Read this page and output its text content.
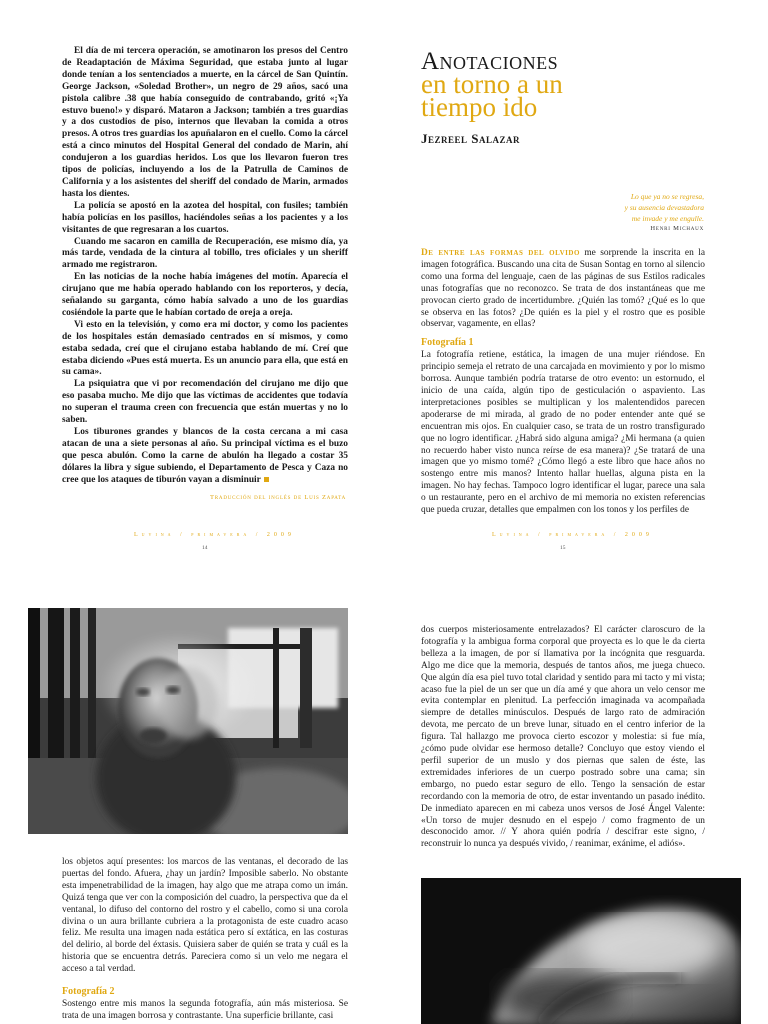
El día de mi tercera operación, se amotinaron los presos del Centro de Readaptación de Máxima Seguridad, que estaba junto al lugar donde tenían a los sentenciados a muerte, en la cárcel de San Quintín. George Jackson, «Soledad Brother», un negro de 29 años, sacó una pistola calibre .38 que había conseguido de contrabando, gritó «¡Ya estuvo bueno!» y disparó. Mataron a Jackson; también a tres guardias y a dos custodios de piso, internos que llevaban la comida a otros presos. A otros tres guardias los apuñalaron en el cuello. Como la cárcel está a cinco minutos del Hospital General del condado de Marin, ahí condujeron a los guardias heridos. Los que los llevaron fueron tres tipos de policías, incluyendo a los de la Patrulla de Caminos de California y a los asistentes del sheriff del condado de Marin, armados hasta los dientes.

La policía se apostó en la azotea del hospital, con fusiles; también había policías en los pasillos, haciéndoles señas a los pacientes y a los visitantes de que regresaran a los cuartos.

Cuando me sacaron en camilla de Recuperación, ese mismo día, ya más tarde, vendada de la cintura al tobillo, tres oficiales y un sheriff armado me registraron.

En las noticias de la noche había imágenes del motín. Aparecía el cirujano que me había operado hablando con los reporteros, y decía, señalando su garganta, cómo había salvado a uno de los guardias cosiéndole la parte que le habían cortado de oreja a oreja.

Vi esto en la televisión, y como era mi doctor, y como los pacientes de los hospitales están demasiado centrados en sí mismos, y como estaba sedada, creí que el cirujano estaba hablando de mí. Creí que estaba diciendo «Pues está muerta. Es un anuncio para ella, que está en su cama».

La psiquiatra que vi por recomendación del cirujano me dijo que eso pasaba mucho. Me dijo que las víctimas de accidentes que todavía no superan el trauma creen con frecuencia que están muertas y no lo saben.

Los tiburones grandes y blancos de la costa cercana a mi casa atacan de una a siete personas al año. Su principal víctima es el buzo que pesca abulón. Como la carne de abulón ha llegado a costar 35 dólares la libra y sigue subiendo, el Departamento de Pesca y Caza no cree que los ataques de tiburón vayan a disminuir

Traducción del inglés de Luis Zapata
Luvina / primavera / 2009
14
Anotaciones
en torno a un
tiempo ido
Jezreel Salazar
Lo que ya no se regresa,
y su ausencia devastadora
me invade y me engulle.
Henri Michaux

De entre las formas del olvido me sorprende la inscrita en la imagen fotográfica. Buscando una cita de Susan Sontag en torno al silencio como una forma del lenguaje, caen de las páginas de sus Estilos radicales unas fotografías que no reconozco. Se trata de dos instantáneas que me provocan cierto grado de incertidumbre. ¿Quién las tomó? ¿Qué es lo que se observa en las fotos? ¿De quién es la piel y el rostro que es posible observar, vagamente, en ellas?

Fotografía 1

La fotografía retiene, estática, la imagen de una mujer riéndose. En principio semeja el retrato de una carcajada en movimiento y por lo mismo borrosa. Aunque también podría tratarse de otro evento: un estornudo, el inicio de una caída, algún tipo de gesticulación o aspaviento. Las interpretaciones posibles se multiplican y los malentendidos parecen apoderarse de mi mirada, al grado de no poder entender ante qué se encuentran mis ojos. En cualquier caso, se trata de un rostro transfigurado que no logro identificar. ¿Habrá sido alguna amiga? ¿Mi hermana (a quien no recuerdo haber visto nunca reírse de esa manera)? ¿Se tratará de una imagen que yo mismo tomé? ¿Cómo llegó a este libro que hace años no sostengo entre mis manos? Intento hallar huellas, alguna pista en la imagen. No hay fechas. Tampoco logro identificar el lugar, parece una sala o un restaurante, pero en el archivo de mi memoria no existen referencias que pueda cruzar, detalles que empalmen con los tonos y los perfiles de

Luvina / primavera / 2009
15

los objetos aquí presentes: los marcos de las ventanas, el decorado de las puertas del fondo. Afuera, ¿hay un jardín? Imposible saberlo. No obstante esta impenetrabilidad de la imagen, hay algo que me atrapa como un imán. Quizá tenga que ver con la composición del cuadro, la perspectiva que da el ventanal, lo difuso del contorno del rostro y el cabello, como si una corola divina o un aura brillante cubriera a la protagonista de este cuadro acaso feliz. Me resulta una imagen nada estática pero sí extática, en las costuras del delirio, al borde del éxtasis. Quisiera saber de quién se trata y cuál es la historia que se encuentra detrás. Pareciera como si un velo me negara el acceso a tal verdad.

Fotografía 2

Sostengo entre mis manos la segunda fotografía, aún más misteriosa. Se trata de una imagen borrosa y contrastante. Una superficie brillante, casi

dos cuerpos misteriosamente entrelazados? El carácter claroscuro de la fotografía y la ambigua forma corporal que proyecta es lo que le da cierta belleza a la imagen, de por sí llamativa por la incógnita que resguarda. Algo me dice que la memoria, después de tantos años, me juega chueco. Que algún día esa piel tuvo total claridad y sentido para mi tacto y mi vista; acaso fue la piel de un ser que un día amé y que ahora un velo censor me evita contemplar en plenitud. La perfección imaginada va acompañada siempre de detalles minúsculos. Después de largo rato de admiración devota, me percato de un breve lunar, situado en el centro inferior de la figura. Tal hallazgo me provoca cierto escozor y molestia: si fue mía, ¿cómo pude olvidar ese hermoso detalle? Concluyo que estoy viendo el perfil superior de un muslo y dos piernas que salen de éste, las extremidades inferiores de un cuerpo postrado sobre una cama; sin embargo, no puedo estar seguro de ello. Tengo la sensación de estar recordando con la memoria de otro, de estar inventando un pasado inédito. De inmediato aparecen en mi cabeza unos versos de José Ángel Valente: «Un torso de mujer desnudo en el espejo / como fragmento de un desconocido amor. // Y ahora quién podría / descifrar este signo, / reconstruir lo nunca ya después vivido, / reanimar, exánime, el adiós».
